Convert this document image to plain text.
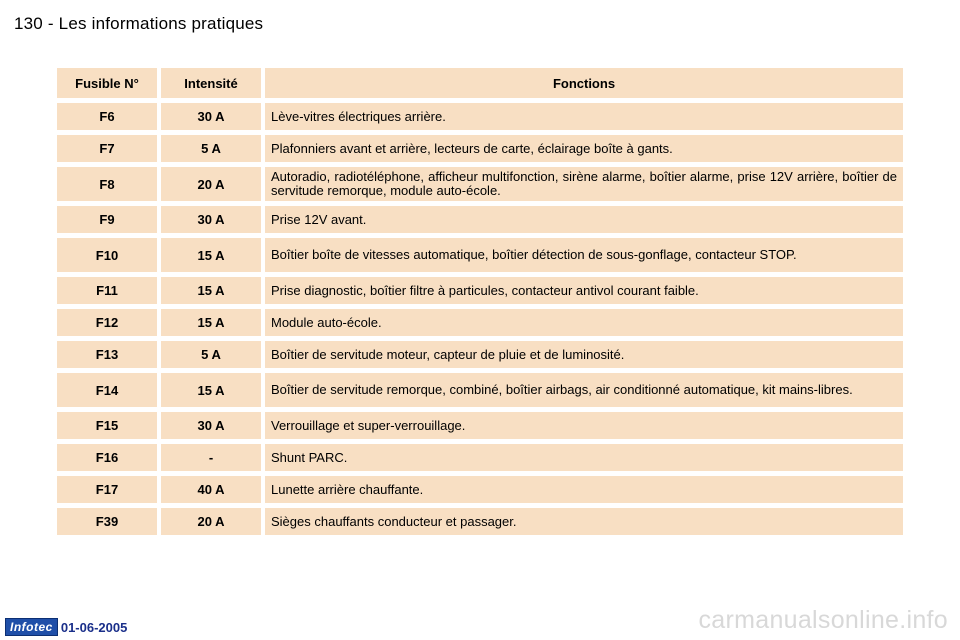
130 - Les informations pratiques
Fusible N°		Intensité		Fonctions
F6		30 A		Lève-vitres électriques arrière.
F7		5 A		Plafonniers avant et arrière, lecteurs de carte, éclairage boîte à gants.
F8		20 A		Autoradio, radiotéléphone, afficheur multifonction, sirène alarme, boîtier alarme, prise 12V arrière, boîtier de servitude remorque, module auto-école.
F9		30 A		Prise 12V avant.
F10		15 A		Boîtier boîte de vitesses automatique, boîtier détection de sous-gonflage, contacteur STOP.
F11		15 A		Prise diagnostic, boîtier filtre à particules, contacteur antivol courant faible.
F12		15 A		Module auto-école.
F13		5 A		Boîtier de servitude moteur, capteur de pluie et de luminosité.
F14		15 A		Boîtier de servitude remorque, combiné, boîtier airbags, air conditionné automatique, kit mains-libres.
F15		30 A		Verrouillage et super-verrouillage.
F16		-		Shunt PARC.
F17		40 A		Lunette arrière chauffante.
F39		20 A		Sièges chauffants conducteur et passager.
Infotec 01-06-2005	carmanualsonline.info
